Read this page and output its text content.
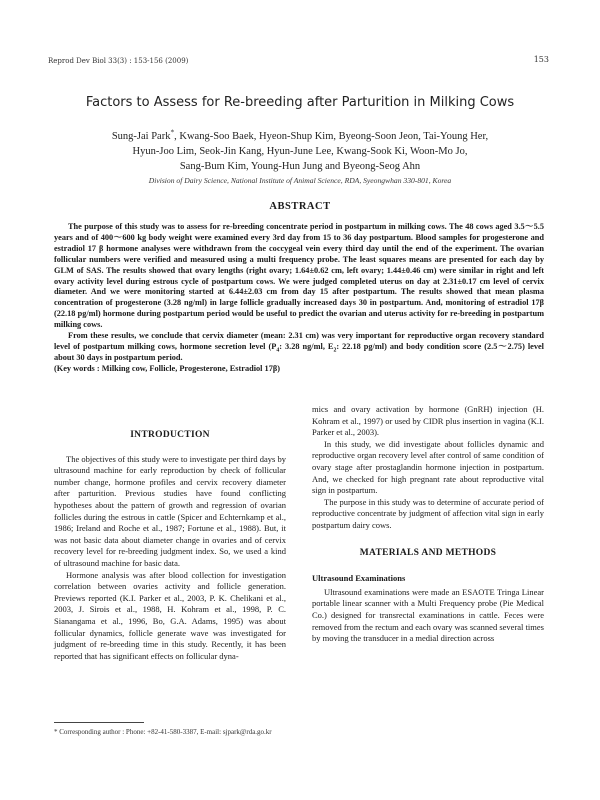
Reprod Dev Biol 33(3) : 153-156 (2009)	153
Factors to Assess for Re-breeding after Parturition in Milking Cows
Sung-Jai Park*, Kwang-Soo Baek, Hyeon-Shup Kim, Byeong-Soon Jeon, Tai-Young Her,
Hyun-Joo Lim, Seok-Jin Kang, Hyun-June Lee, Kwang-Sook Ki, Woon-Mo Jo,
Sang-Bum Kim, Young-Hun Jung and Byeong-Seog Ahn
Division of Dairy Science, National Institute of Animal Science, RDA, Syeongwhan 330-801, Korea
ABSTRACT

The purpose of this study was to assess for re-breeding concentrate period in postpartum in milking cows. The 48 cows aged 3.5～5.5 years and of 400～600 kg body weight were examined every 3rd day from 15 to 36 day postpartum. Blood samples for progesterone and estradiol 17 β hormone analyses were withdrawn from the coccygeal vein every third day until the end of the experiment. The ovarian follicular numbers were verified and measured using a multi frequency probe. The least squares means are presented for each day by GLM of SAS. The results showed that ovary lengths (right ovary; 1.64±0.62 cm, left ovary; 1.44±0.46 cm) were similar in right and left ovary activity level during estrous cycle of postpartum cows. We were judged completed uterus on day at 2.31±0.17 cm level of cervix diameter. And we were monitoring started at 6.44±2.03 cm from day 15 after postpartum. The results showed that mean plasma concentration of progesterone (3.28 ng/ml) in large follicle gradually increased days 30 in postpartum. And, monitoring of estradiol 17β (22.18 pg/ml) hormone during postpartum period would be useful to predict the ovarian and uterus activity for re-breeding in postpartum milking cows.

From these results, we conclude that cervix diameter (mean: 2.31 cm) was very important for reproductive organ recovery standard level of postpartum milking cows, hormone secretion level ($P_4$: 3.28 ng/ml, $E_2$: 22.18 pg/ml) and body condition score (2.5～2.75) level about 30 days in postpartum period.

(Key words : Milking cow, Follicle, Progesterone, Estradiol 17β)

INTRODUCTION

The objectives of this study were to investigate per third days by ultrasound machine for early reproduction by check of follicular number change, hormone profiles and cervix recovery diameter after parturition. Previous studies have found conflicting hypotheses about the pattern of growth and regression of ovarian follicles during the estrous in cattle (Spicer and Echternkamp et al., 1986; Ireland and Roche et al., 1987; Fortune et al., 1988). But, it was not basic data about diameter change in ovaries and of cervix recovery level for re-breeding judgment index. So, we used a kind of ultrasound machine for basic data.

Hormone analysis was after blood collection for investigation correlation between ovaries activity and follicle generation. Previews reported (K.I. Parker et al., 2003, P. K. Chelikani et al., 2003, J. Sirois et al., 1988, H. Kohram et al., 1998, P. C. Sianangama et al., 1996, Bo, G.A. Adams, 1995) was about follicular dynamics, follicle generate wave was investigated for judgment of re-breeding time in this study. Recently, it has been reported that has significant effects on follicular dyna-

mics and ovary activation by hormone (GnRH) injection (H. Kohram et al., 1997) or used by CIDR plus insertion in vagina (K.I. Parker et al., 2003).

In this study, we did investigate about follicles dynamic and reproductive organ recovery level after control of same condition of ovary stage after prostaglandin hormone injection in postpartum. And, we checked for high pregnant rate about reproductive vital sign in postpartum.

The purpose in this study was to determine of accurate period of reproductive concentrate by judgment of affection vital sign in early postpartum dairy cows.

MATERIALS AND METHODS
Ultrasound Examinations

Ultrasound examinations were made an ESAOTE Tringa Linear portable linear scanner with a Multi Frequency probe (Pie Medical Co.) designed for transrectal examinations in cattle. Feces were removed from the rectum and each ovary was scanned several times by moving the transducer in a medial direction across

* Corresponding author : Phone: +82-41-580-3387, E-mail: sjpark@rda.go.kr
